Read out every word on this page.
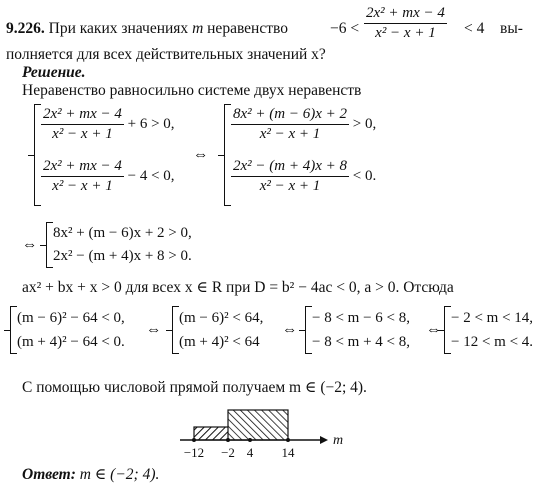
9.226. При каких значениях m неравенство	$-6 < \frac{\text{2x² + mx − 4}}{\text{x² − x + 1}} < 4$ вы-
полняется для всех действительных значений x?
Решение.
Неравенство равносильно системе двух неравенств
$\frac{\text{2x² + mx − 4}}{\text{x² − x + 1}} + 6 > 0$,
$\frac{\text{2x² + mx − 4}}{\text{x² − x + 1}} - 4 < 0$,
⇔
$\frac{\text{8x² + (m − 6)x + 2}}{\text{x² − x + 1}} > 0$,
$\frac{\text{2x² − (m + 4)x + 8}}{\text{x² − x + 1}} < 0$.
⇔
8x² + (m − 6)x + 2 > 0,
2x² − (m + 4)x + 8 > 0.
ax² + bx + x > 0 для всех x ∈ R при D = b² − 4ac < 0, a > 0. Отсюда
(m − 6)² − 64 < 0,
(m + 4)² − 64 < 0.
⇔
(m − 6)² < 64,
(m + 4)² < 64
⇔
− 8 < m − 6 < 8,
− 8 < m + 4 < 8,
⇔
− 2 < m < 14,
− 12 < m < 4.
С помощью числовой прямой получаем m ∈ (−2; 4).
m
−12 −2 4 14
Ответ: m ∈ (−2; 4).
